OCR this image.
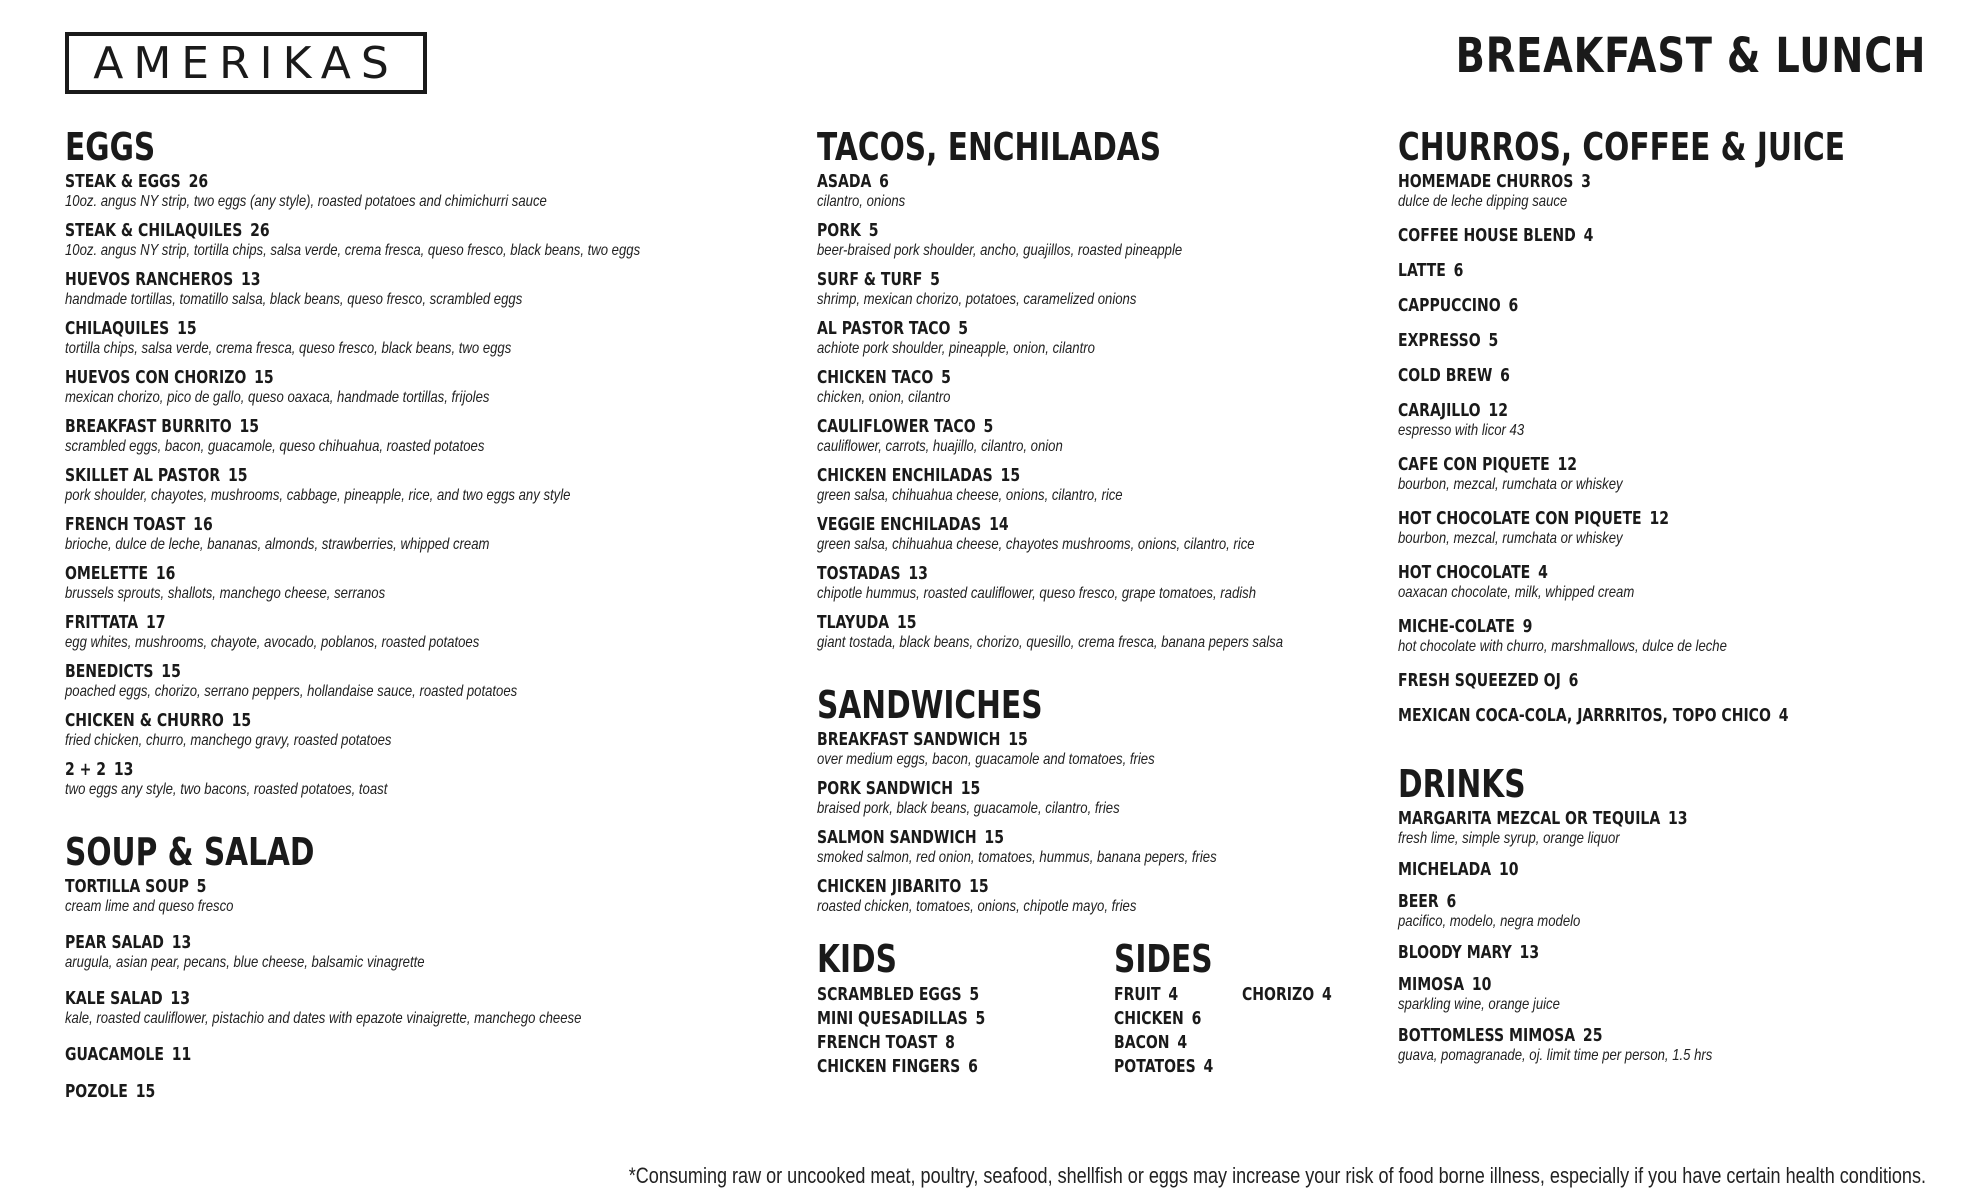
AMERIKAS	BREAKFAST & LUNCH
EGGS
STEAK & EGGS 26
10oz. angus NY strip, two eggs (any style), roasted potatoes and chimichurri sauce
STEAK & CHILAQUILES 26
10oz. angus NY strip, tortilla chips, salsa verde, crema fresca, queso fresco, black beans, two eggs
HUEVOS RANCHEROS 13
handmade tortillas, tomatillo salsa, black beans, queso fresco, scrambled eggs
CHILAQUILES 15
tortilla chips, salsa verde, crema fresca, queso fresco, black beans, two eggs
HUEVOS CON CHORIZO 15
mexican chorizo, pico de gallo, queso oaxaca, handmade tortillas, frijoles
BREAKFAST BURRITO 15
scrambled eggs, bacon, guacamole, queso chihuahua, roasted potatoes
SKILLET AL PASTOR 15
pork shoulder, chayotes, mushrooms, cabbage, pineapple, rice, and two eggs any style
FRENCH TOAST 16
brioche, dulce de leche, bananas, almonds, strawberries, whipped cream
OMELETTE 16
brussels sprouts, shallots, manchego cheese, serranos
FRITTATA 17
egg whites, mushrooms, chayote, avocado, poblanos, roasted potatoes
BENEDICTS 15
poached eggs, chorizo, serrano peppers, hollandaise sauce, roasted potatoes
CHICKEN & CHURRO 15
fried chicken, churro, manchego gravy, roasted potatoes
2 + 2 13
two eggs any style, two bacons, roasted potatoes, toast
SOUP & SALAD
TORTILLA SOUP 5
cream lime and queso fresco
PEAR SALAD 13
arugula, asian pear, pecans, blue cheese, balsamic vinagrette
KALE SALAD 13
kale, roasted cauliflower, pistachio and dates with epazote vinaigrette, manchego cheese
GUACAMOLE 11
POZOLE 15
TACOS, ENCHILADAS
ASADA 6
cilantro, onions
PORK 5
beer-braised pork shoulder, ancho, guajillos, roasted pineapple
SURF & TURF 5
shrimp, mexican chorizo, potatoes, caramelized onions
AL PASTOR TACO 5
achiote pork shoulder, pineapple, onion, cilantro
CHICKEN TACO 5
chicken, onion, cilantro
CAULIFLOWER TACO 5
cauliflower, carrots, huajillo, cilantro, onion
CHICKEN ENCHILADAS 15
green salsa, chihuahua cheese, onions, cilantro, rice
VEGGIE ENCHILADAS 14
green salsa, chihuahua cheese, chayotes mushrooms, onions, cilantro, rice
TOSTADAS 13
chipotle hummus, roasted cauliflower, queso fresco, grape tomatoes, radish
TLAYUDA 15
giant tostada, black beans, chorizo, quesillo, crema fresca, banana pepers salsa
SANDWICHES
BREAKFAST SANDWICH 15
over medium eggs, bacon, guacamole and tomatoes, fries
PORK SANDWICH 15
braised pork, black beans, guacamole, cilantro, fries
SALMON SANDWICH 15
smoked salmon, red onion, tomatoes, hummus, banana pepers, fries
CHICKEN JIBARITO 15
roasted chicken, tomatoes, onions, chipotle mayo, fries
KIDS
SCRAMBLED EGGS 5
MINI QUESADILLAS 5
FRENCH TOAST 8
CHICKEN FINGERS 6
SIDES
FRUIT 4
CHICKEN 6
BACON 4
POTATOES 4
CHORIZO 4
CHURROS, COFFEE & JUICE
HOMEMADE CHURROS 3
dulce de leche dipping sauce
COFFEE HOUSE BLEND 4
LATTE 6
CAPPUCCINO 6
EXPRESSO 5
COLD BREW 6
CARAJILLO 12
espresso with licor 43
CAFE CON PIQUETE 12
bourbon, mezcal, rumchata or whiskey
HOT CHOCOLATE CON PIQUETE 12
bourbon, mezcal, rumchata or whiskey
HOT CHOCOLATE 4
oaxacan chocolate, milk, whipped cream
MICHE-COLATE 9
hot chocolate with churro, marshmallows, dulce de leche
FRESH SQUEEZED OJ 6
MEXICAN COCA-COLA, JARRRITOS, TOPO CHICO 4
DRINKS
MARGARITA MEZCAL OR TEQUILA 13
fresh lime, simple syrup, orange liquor
MICHELADA 10
BEER 6
pacifico, modelo, negra modelo
BLOODY MARY 13
MIMOSA 10
sparkling wine, orange juice
BOTTOMLESS MIMOSA 25
guava, pomagranade, oj. limit time per person, 1.5 hrs
*Consuming raw or uncooked meat, poultry, seafood, shellfish or eggs may increase your risk of food borne illness, especially if you have certain health conditions.
